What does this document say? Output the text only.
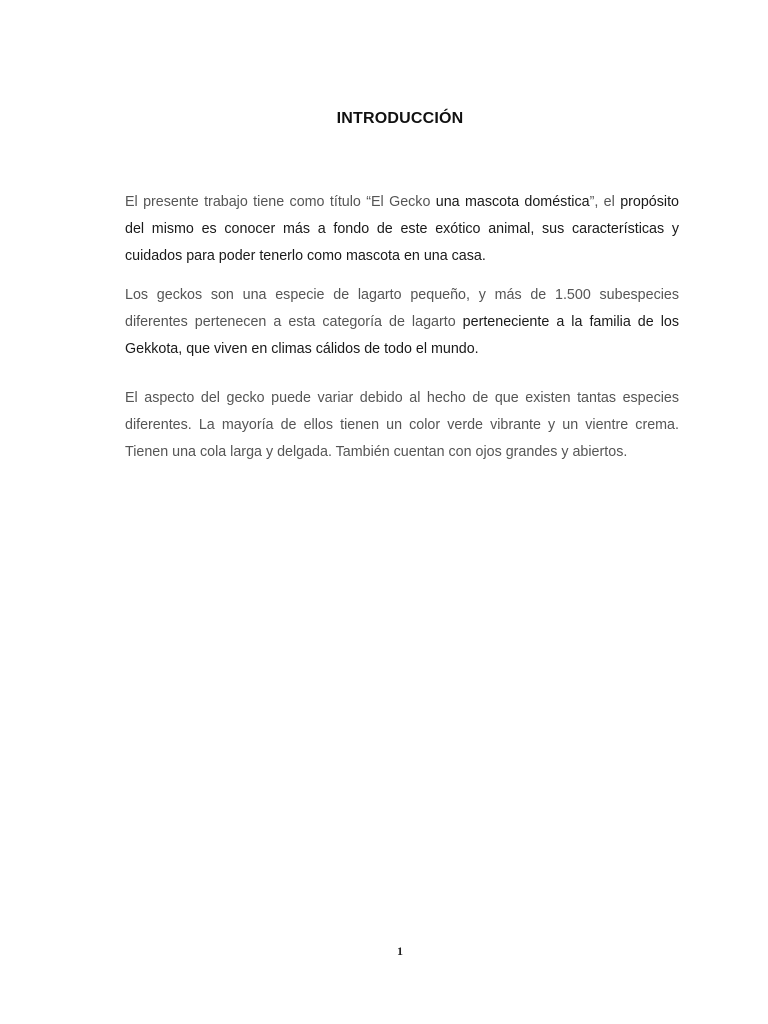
INTRODUCCIÓN

El presente trabajo tiene como título “El Gecko una mascota doméstica”, el propósito del mismo es conocer más a fondo de este exótico animal, sus características y cuidados para poder tenerlo como mascota en una casa.

Los geckos son una especie de lagarto pequeño, y más de 1.500 subespecies diferentes pertenecen a esta categoría de lagarto perteneciente a la familia de los Gekkota, que viven en climas cálidos de todo el mundo.

El aspecto del gecko puede variar debido al hecho de que existen tantas especies diferentes. La mayoría de ellos tienen un color verde vibrante y un vientre crema. Tienen una cola larga y delgada. También cuentan con ojos grandes y abiertos.

1
